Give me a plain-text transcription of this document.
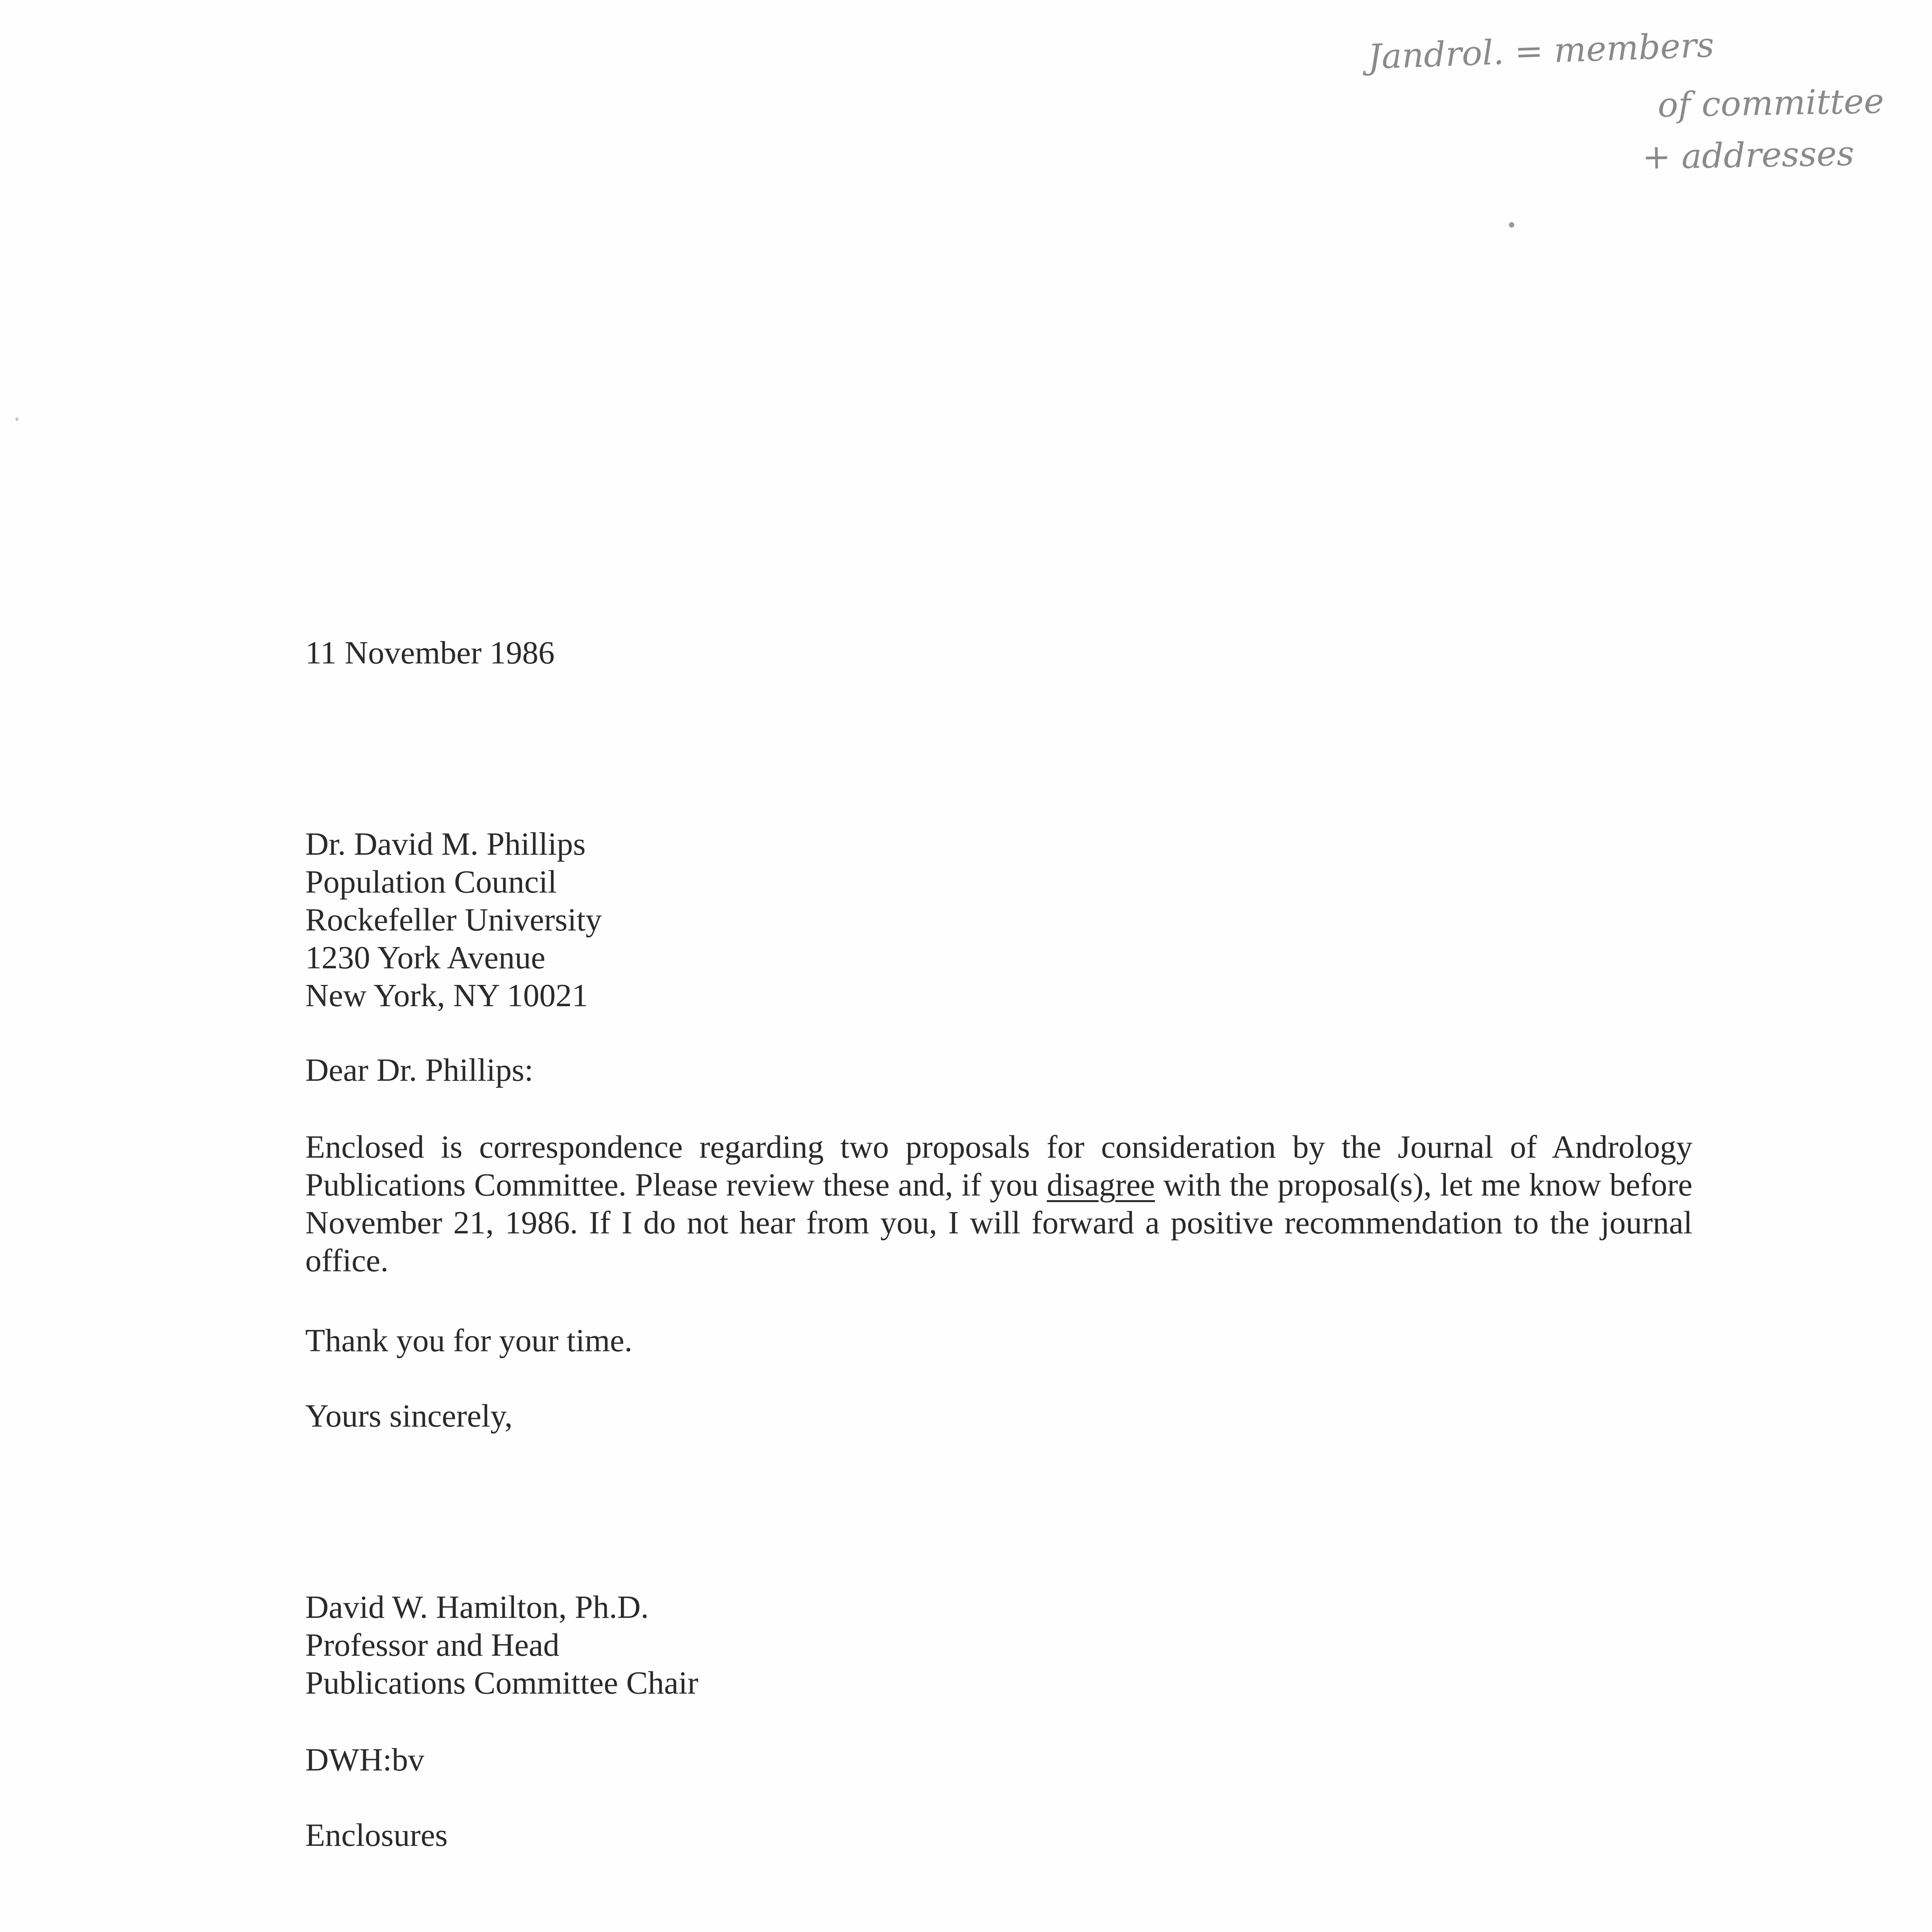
Jandrol. = members
of committee
+ addresses
11 November 1986
Dr. David M. Phillips
Population Council
Rockefeller University
1230 York Avenue
New York, NY 10021
Dear Dr. Phillips:
Enclosed is correspondence regarding two proposals for consideration by the Journal of Andrology Publications Committee. Please review these and, if you disagree with the proposal(s), let me know before November 21, 1986. If I do not hear from you, I will forward a positive recommendation to the journal office.
Thank you for your time.
Yours sincerely,
David W. Hamilton, Ph.D.
Professor and Head
Publications Committee Chair
DWH:bv
Enclosures
